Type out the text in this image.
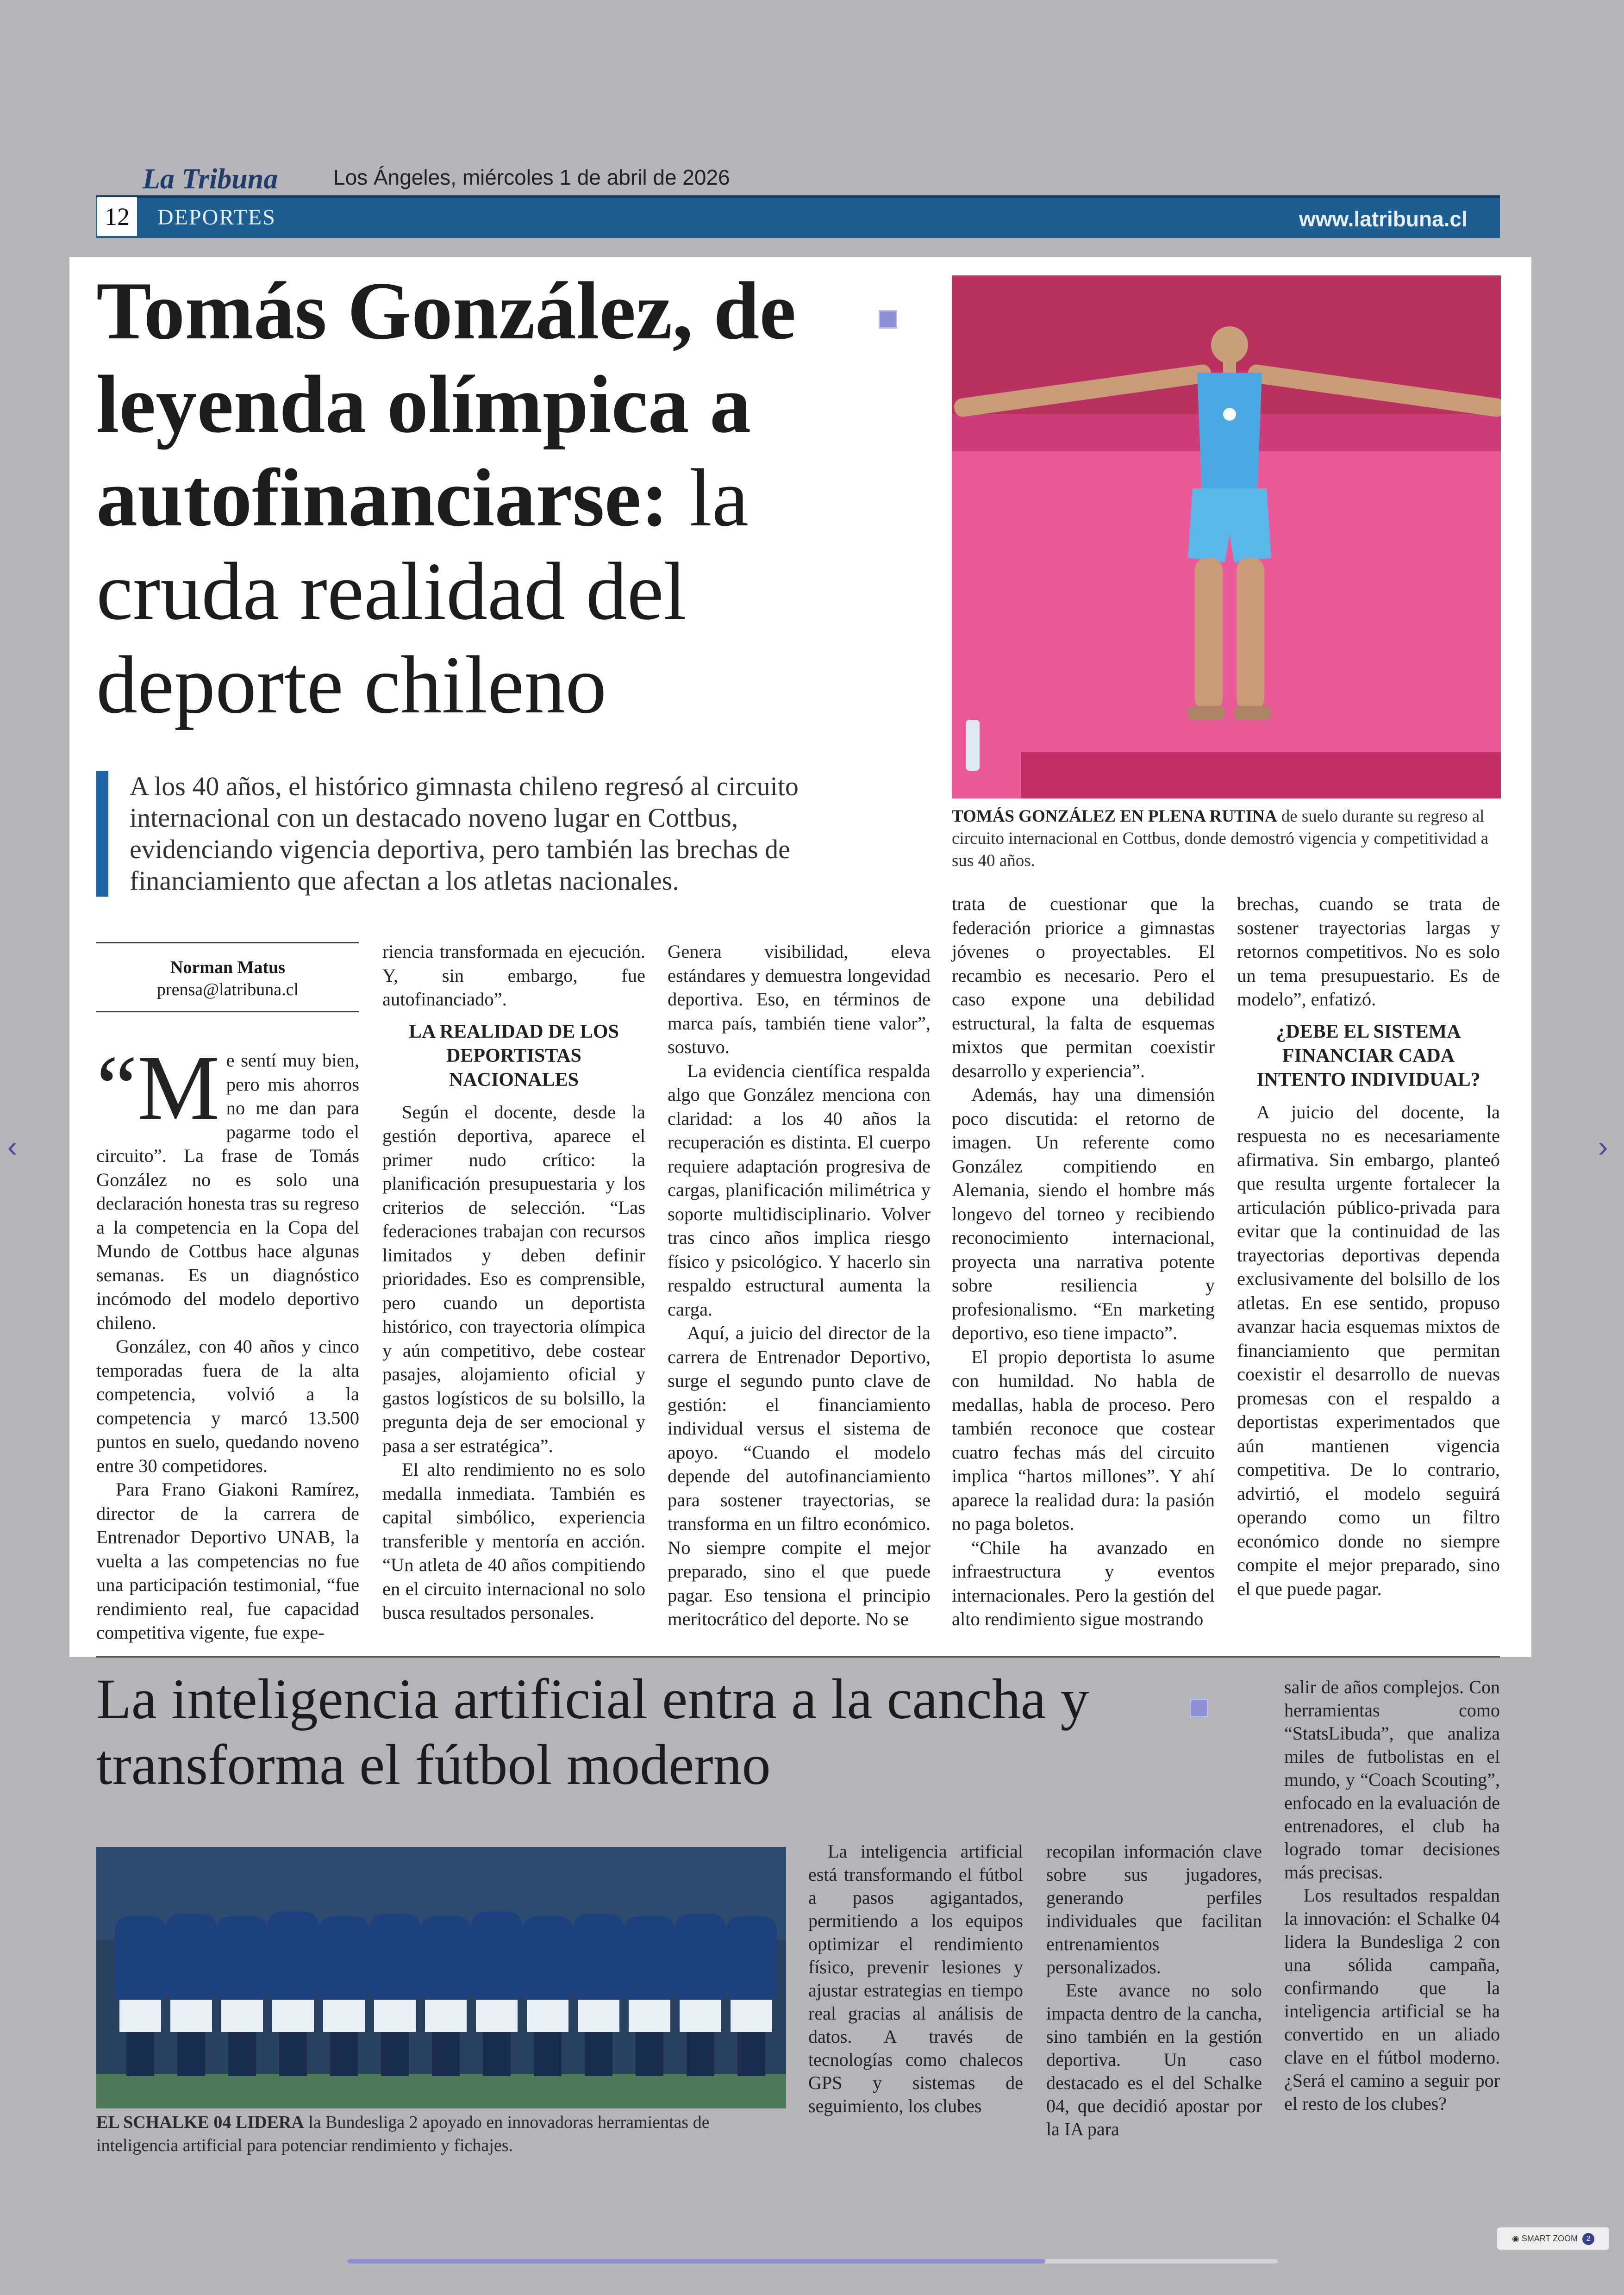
La Tribuna	Los Ángeles, miércoles 1 de abril de 2026
12	DEPORTES	www.latribuna.cl
Tomás González, de leyenda olímpica a autofinanciarse: la cruda realidad del deporte chileno
TOMÁS GONZÁLEZ EN PLENA RUTINA de suelo durante su regreso al circuito internacional en Cottbus, donde demostró vigencia y competitividad a sus 40 años.
A los 40 años, el histórico gimnasta chileno regresó al circuito internacional con un destacado noveno lugar en Cottbus, evidenciando vigencia deportiva, pero también las brechas de financiamiento que afectan a los atletas nacionales.
Norman Matus
prensa@latribuna.cl

“Me sentí muy bien, pero mis ahorros no me dan para pagarme todo el circuito”. La frase de Tomás González no es solo una declaración honesta tras su regreso a la competencia en la Copa del Mundo de Cottbus hace algunas semanas. Es un diagnóstico incómodo del modelo deportivo chileno.

González, con 40 años y cinco temporadas fuera de la alta competencia, volvió a la competencia y marcó 13.500 puntos en suelo, quedando noveno entre 30 competidores.

Para Frano Giakoni Ramírez, director de la carrera de Entrenador Deportivo UNAB, la vuelta a las competencias no fue una participación testimonial, “fue rendimiento real, fue capacidad competitiva vigente, fue expe-

riencia transformada en ejecución. Y, sin embargo, fue autofinanciado”.

LA REALIDAD DE LOS DEPORTISTAS NACIONALES

Según el docente, desde la gestión deportiva, aparece el primer nudo crítico: la planificación presupuestaria y los criterios de selección. “Las federaciones trabajan con recursos limitados y deben definir prioridades. Eso es comprensible, pero cuando un deportista histórico, con trayectoria olímpica y aún competitivo, debe costear pasajes, alojamiento oficial y gastos logísticos de su bolsillo, la pregunta deja de ser emocional y pasa a ser estratégica”.

El alto rendimiento no es solo medalla inmediata. También es capital simbólico, experiencia transferible y mentoría en acción. “Un atleta de 40 años compitiendo en el circuito internacional no solo busca resultados personales.

Genera visibilidad, eleva estándares y demuestra longevidad deportiva. Eso, en términos de marca país, también tiene valor”, sostuvo.

La evidencia científica respalda algo que González menciona con claridad: a los 40 años la recuperación es distinta. El cuerpo requiere adaptación progresiva de cargas, planificación milimétrica y soporte multidisciplinario. Volver tras cinco años implica riesgo físico y psicológico. Y hacerlo sin respaldo estructural aumenta la carga.

Aquí, a juicio del director de la carrera de Entrenador Deportivo, surge el segundo punto clave de gestión: el financiamiento individual versus el sistema de apoyo. “Cuando el modelo depende del autofinanciamiento para sostener trayectorias, se transforma en un filtro económico. No siempre compite el mejor preparado, sino el que puede pagar. Eso tensiona el principio meritocrático del deporte. No se

trata de cuestionar que la federación priorice a gimnastas jóvenes o proyectables. El recambio es necesario. Pero el caso expone una debilidad estructural, la falta de esquemas mixtos que permitan coexistir desarrollo y experiencia”.

Además, hay una dimensión poco discutida: el retorno de imagen. Un referente como González compitiendo en Alemania, siendo el hombre más longevo del torneo y recibiendo reconocimiento internacional, proyecta una narrativa potente sobre resiliencia y profesionalismo. “En marketing deportivo, eso tiene impacto”.

El propio deportista lo asume con humildad. No habla de medallas, habla de proceso. Pero también reconoce que costear cuatro fechas más del circuito implica “hartos millones”. Y ahí aparece la realidad dura: la pasión no paga boletos.

“Chile ha avanzado en infraestructura y eventos internacionales. Pero la gestión del alto rendimiento sigue mostrando

brechas, cuando se trata de sostener trayectorias largas y retornos competitivos. No es solo un tema presupuestario. Es de modelo”, enfatizó.

¿DEBE EL SISTEMA FINANCIAR CADA INTENTO INDIVIDUAL?

A juicio del docente, la respuesta no es necesariamente afirmativa. Sin embargo, planteó que resulta urgente fortalecer la articulación público-privada para evitar que la continuidad de las trayectorias deportivas dependa exclusivamente del bolsillo de los atletas. En ese sentido, propuso avanzar hacia esquemas mixtos de financiamiento que permitan coexistir el desarrollo de nuevas promesas con el respaldo a deportistas experimentados que aún mantienen vigencia competitiva. De lo contrario, advirtió, el modelo seguirá operando como un filtro económico donde no siempre compite el mejor preparado, sino el que puede pagar.

La inteligencia artificial entra a la cancha y transforma el fútbol moderno
EL SCHALKE 04 LIDERA la Bundesliga 2 apoyado en innovadoras herramientas de inteligencia artificial para potenciar rendimiento y fichajes.

La inteligencia artificial está transformando el fútbol a pasos agigantados, permitiendo a los equipos optimizar el rendimiento físico, prevenir lesiones y ajustar estrategias en tiempo real gracias al análisis de datos. A través de tecnologías como chalecos GPS y sistemas de seguimiento, los clubes

recopilan información clave sobre sus jugadores, generando perfiles individuales que facilitan entrenamientos personalizados.

Este avance no solo impacta dentro de la cancha, sino también en la gestión deportiva. Un caso destacado es el del Schalke 04, que decidió apostar por la IA para

salir de años complejos. Con herramientas como “StatsLibuda”, que analiza miles de futbolistas en el mundo, y “Coach Scouting”, enfocado en la evaluación de entrenadores, el club ha logrado tomar decisiones más precisas.

Los resultados respaldan la innovación: el Schalke 04 lidera la Bundesliga 2 con una sólida campaña, confirmando que la inteligencia artificial se ha convertido en un aliado clave en el fútbol moderno. ¿Será el camino a seguir por el resto de los clubes?

‹	›
◉ SMART ZOOM 2
